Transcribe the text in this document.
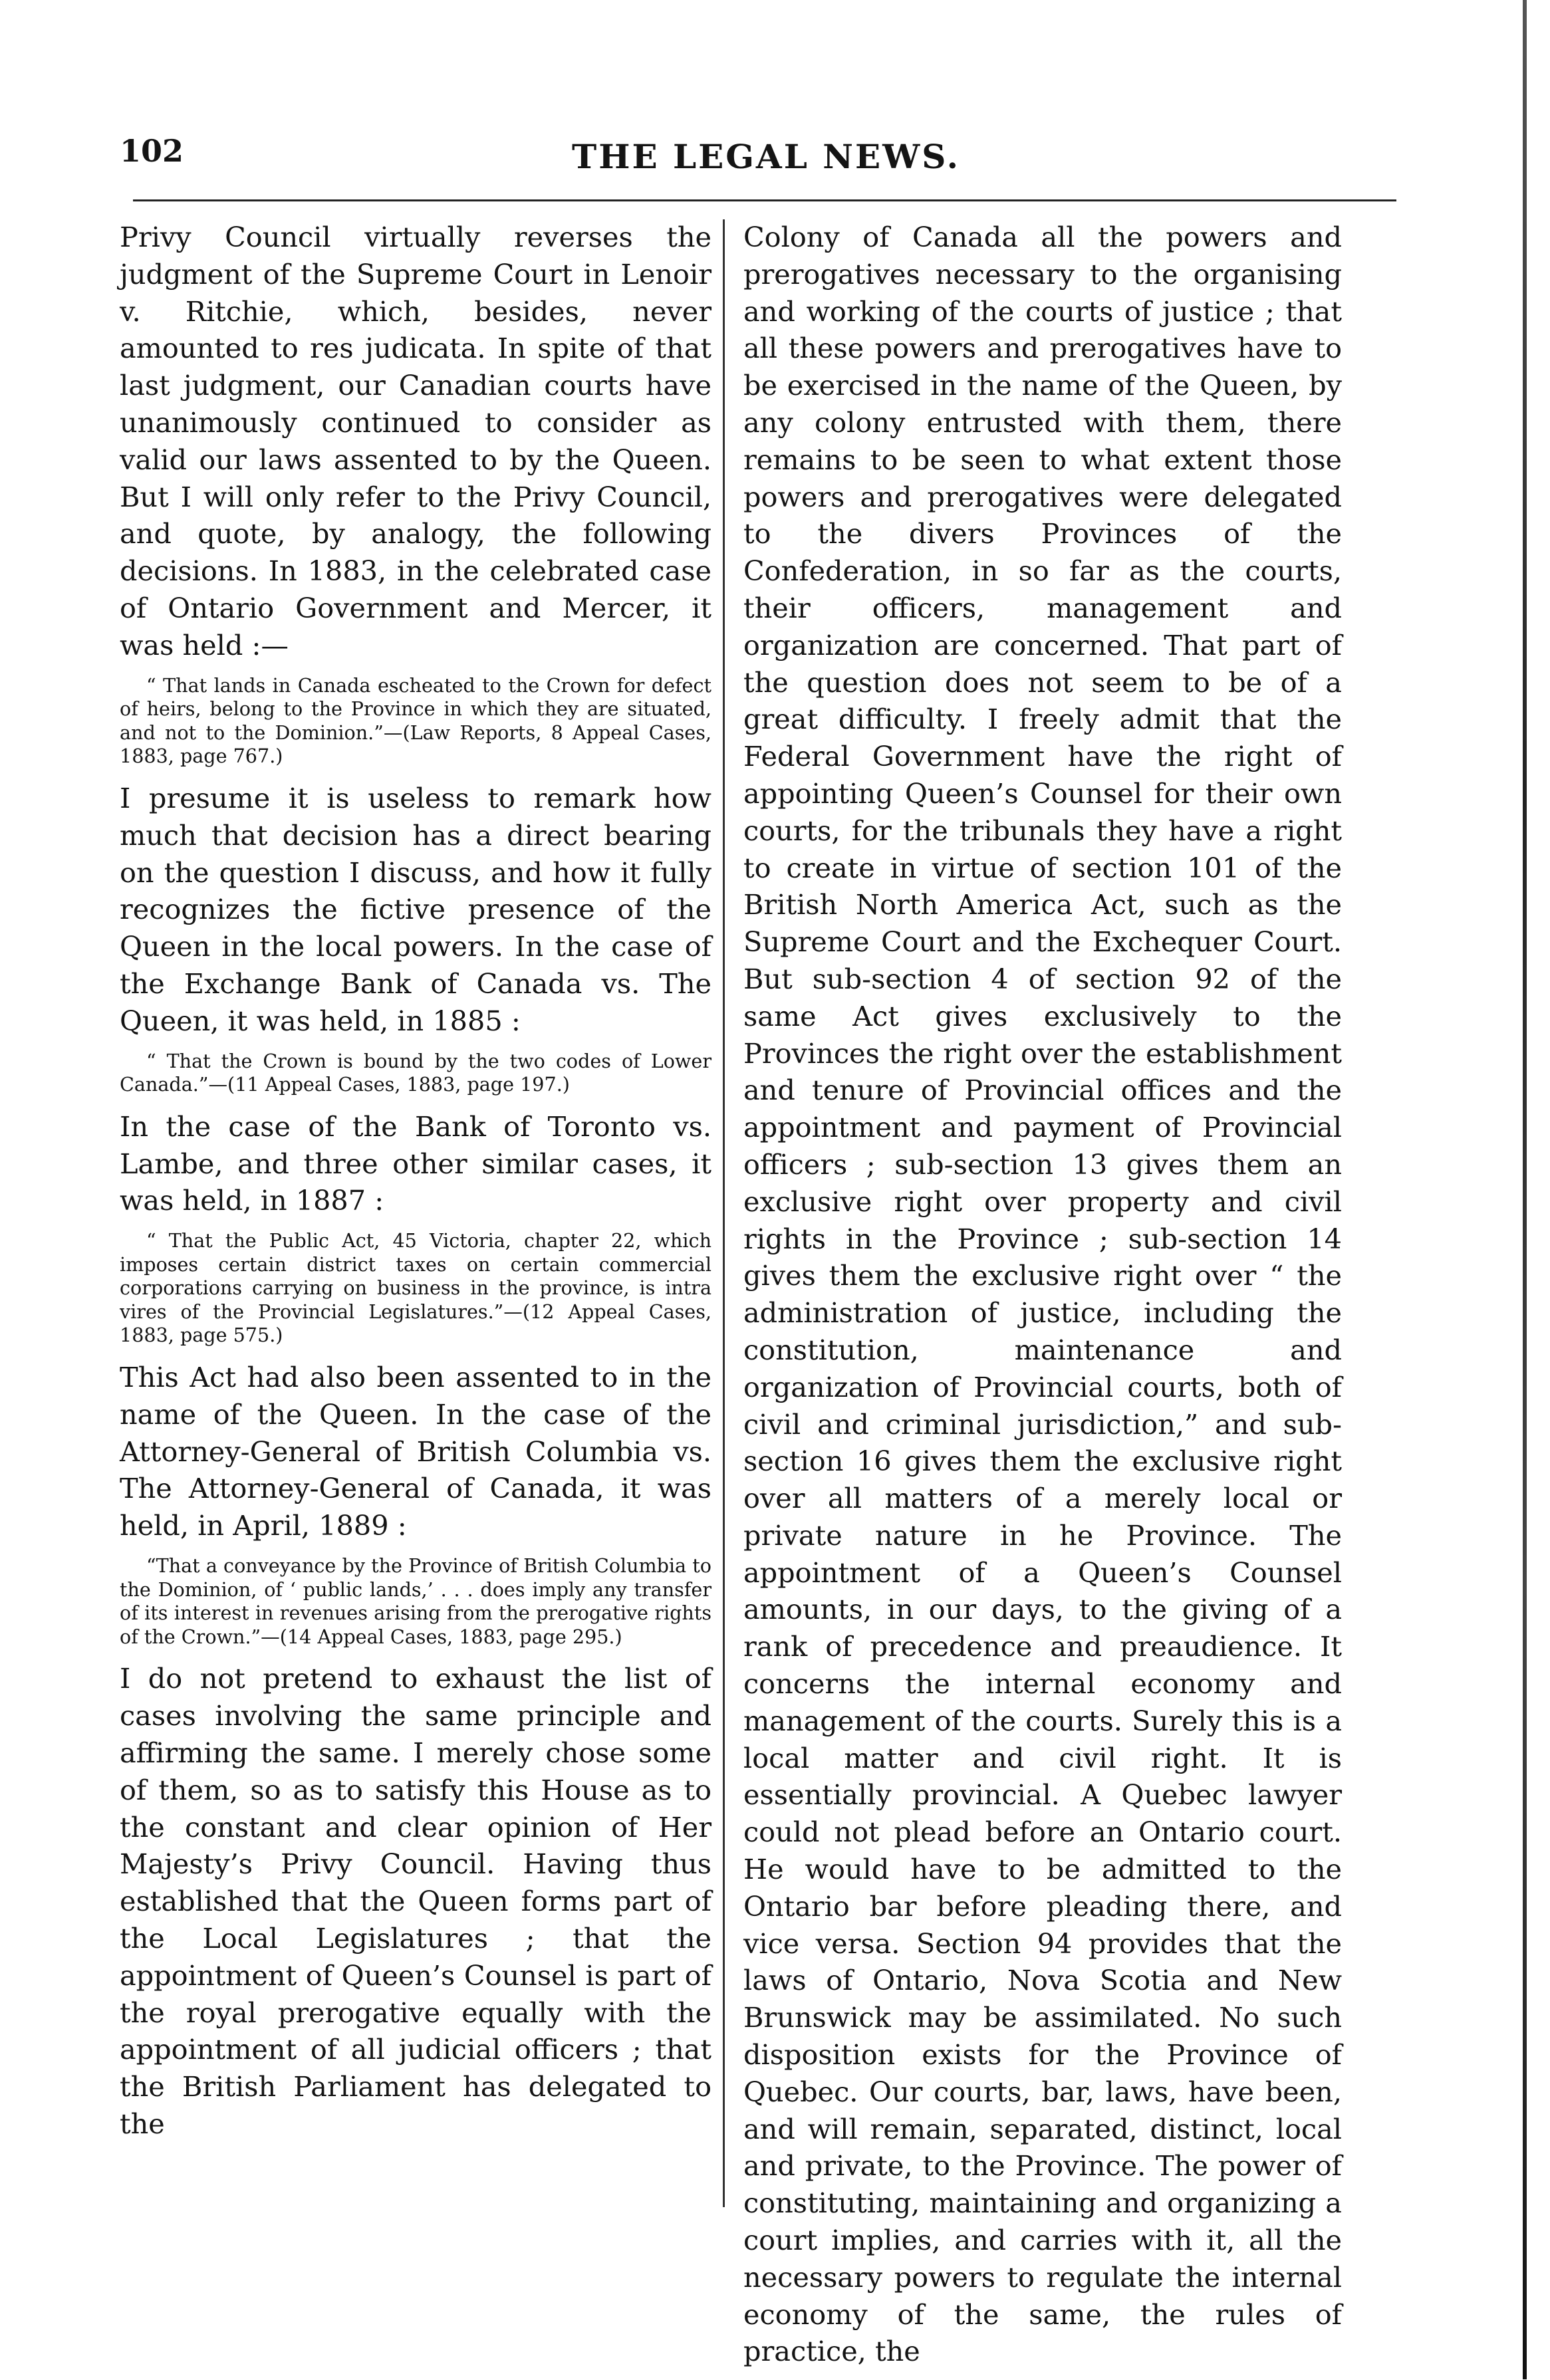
102	THE LEGAL NEWS.

Privy Council virtually reverses the judgment of the Supreme Court in Lenoir v. Ritchie, which, besides, never amounted to res judicata. In spite of that last judgment, our Canadian courts have unanimously continued to consider as valid our laws assented to by the Queen. But I will only refer to the Privy Council, and quote, by analogy, the following decisions. In 1883, in the celebrated case of Ontario Government and Mercer, it was held :—

“ That lands in Canada escheated to the Crown for defect of heirs, belong to the Province in which they are situated, and not to the Dominion.”—(Law Reports, 8 Appeal Cases, 1883, page 767.)

I presume it is useless to remark how much that decision has a direct bearing on the question I discuss, and how it fully recognizes the fictive presence of the Queen in the local powers. In the case of the Exchange Bank of Canada vs. The Queen, it was held, in 1885 :

“ That the Crown is bound by the two codes of Lower Canada.”—(11 Appeal Cases, 1883, page 197.)

In the case of the Bank of Toronto vs. Lambe, and three other similar cases, it was held, in 1887 :

“ That the Public Act, 45 Victoria, chapter 22, which imposes certain district taxes on certain commercial corporations carrying on business in the province, is intra vires of the Provincial Legislatures.”—(12 Appeal Cases, 1883, page 575.)

This Act had also been assented to in the name of the Queen. In the case of the Attorney-General of British Columbia vs. The Attorney-General of Canada, it was held, in April, 1889 :

“That a conveyance by the Province of British Columbia to the Dominion, of ‘ public lands,’ . . . does imply any transfer of its interest in revenues arising from the prerogative rights of the Crown.”—(14 Appeal Cases, 1883, page 295.)

I do not pretend to exhaust the list of cases involving the same principle and affirming the same. I merely chose some of them, so as to satisfy this House as to the constant and clear opinion of Her Majesty’s Privy Council. Having thus established that the Queen forms part of the Local Legislatures ; that the appointment of Queen’s Counsel is part of the royal prerogative equally with the appointment of all judicial officers ; that the British Parliament has delegated to the

Colony of Canada all the powers and prerogatives necessary to the organising and working of the courts of justice ; that all these powers and prerogatives have to be exercised in the name of the Queen, by any colony entrusted with them, there remains to be seen to what extent those powers and prerogatives were delegated to the divers Provinces of the Confederation, in so far as the courts, their officers, management and organization are concerned. That part of the question does not seem to be of a great difficulty. I freely admit that the Federal Government have the right of appointing Queen’s Counsel for their own courts, for the tribunals they have a right to create in virtue of section 101 of the British North America Act, such as the Supreme Court and the Exchequer Court. But sub-section 4 of section 92 of the same Act gives exclusively to the Provinces the right over the establishment and tenure of Provincial offices and the appointment and payment of Provincial officers ; sub-section 13 gives them an exclusive right over property and civil rights in the Province ; sub-section 14 gives them the exclusive right over “ the administration of justice, including the constitution, maintenance and organization of Provincial courts, both of civil and criminal jurisdiction,” and sub-section 16 gives them the exclusive right over all matters of a merely local or private nature in he Province. The appointment of a Queen’s Counsel amounts, in our days, to the giving of a rank of precedence and preaudience. It concerns the internal economy and management of the courts. Surely this is a local matter and civil right. It is essentially provincial. A Quebec lawyer could not plead before an Ontario court. He would have to be admitted to the Ontario bar before pleading there, and vice versa. Section 94 provides that the laws of Ontario, Nova Scotia and New Brunswick may be assimilated. No such disposition exists for the Province of Quebec. Our courts, bar, laws, have been, and will remain, separated, distinct, local and private, to the Province. The power of constituting, maintaining and organizing a court implies, and carries with it, all the necessary powers to regulate the internal economy of the same, the rules of practice, the
